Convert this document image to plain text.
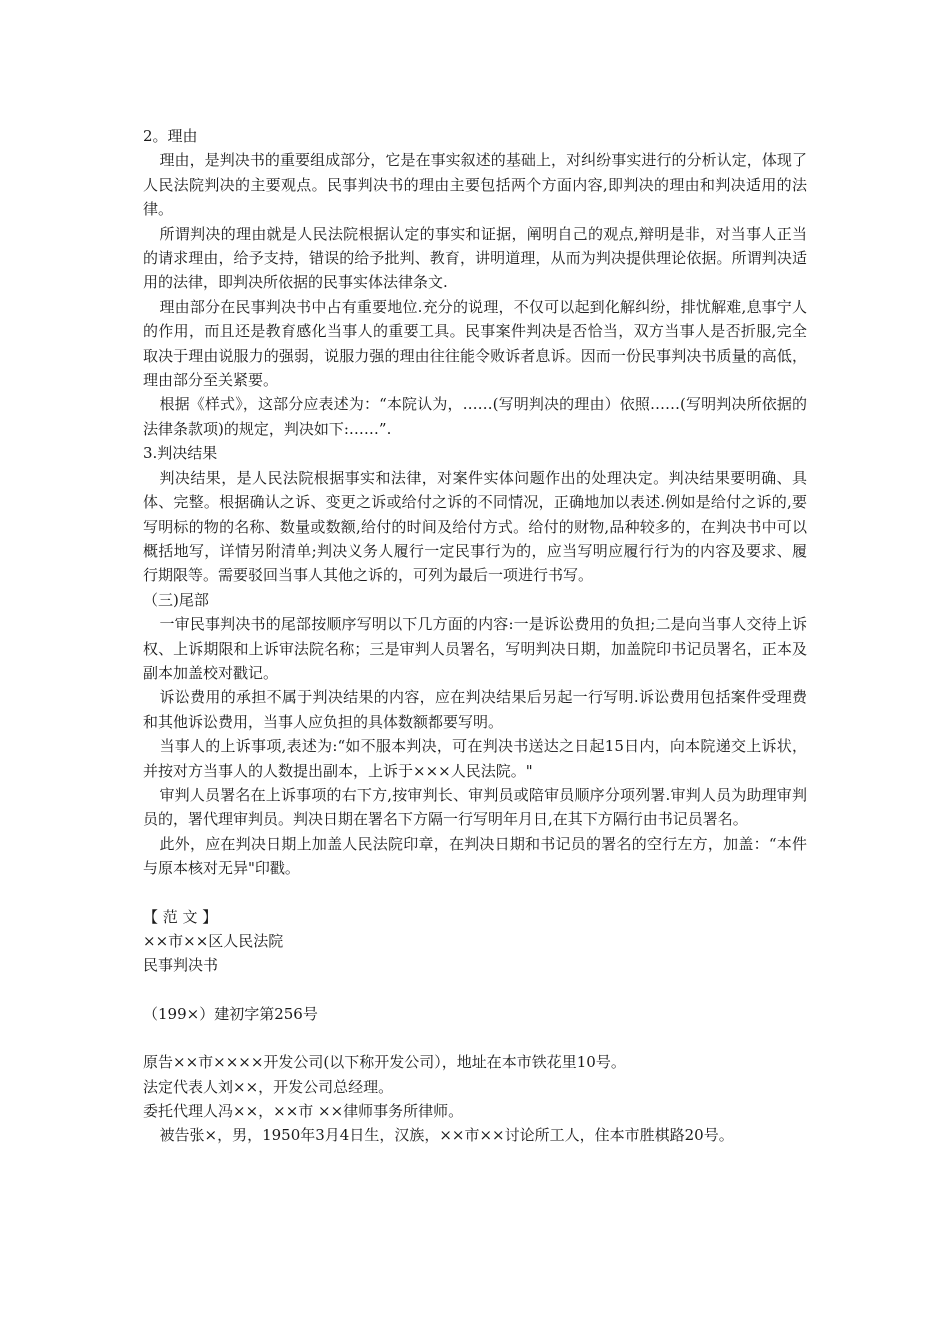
2。理由

理由，是判决书的重要组成部分，它是在事实叙述的基础上，对纠纷事实进行的分析认定，体现了人民法院判决的主要观点。民事判决书的理由主要包括两个方面内容,即判决的理由和判决适用的法律。

所谓判决的理由就是人民法院根据认定的事实和证据，阐明自己的观点,辩明是非，对当事人正当的请求理由，给予支持，错误的给予批判、教育，讲明道理，从而为判决提供理论依据。所谓判决适用的法律，即判决所依据的民事实体法律条文.

理由部分在民事判决书中占有重要地位.充分的说理，不仅可以起到化解纠纷，排忧解难,息事宁人的作用，而且还是教育感化当事人的重要工具。民事案件判决是否恰当，双方当事人是否折服,完全取决于理由说服力的强弱，说服力强的理由往往能令败诉者息诉。因而一份民事判决书质量的高低，理由部分至关紧要。

根据《样式》，这部分应表述为：“本院认为，……(写明判决的理由）依照……(写明判决所依据的法律条款项)的规定，判决如下:……”.

3.判决结果

判决结果，是人民法院根据事实和法律，对案件实体问题作出的处理决定。判决结果要明确、具体、完整。根据确认之诉、变更之诉或给付之诉的不同情况，正确地加以表述.例如是给付之诉的,要写明标的物的名称、数量或数额,给付的时间及给付方式。给付的财物,品种较多的，在判决书中可以概括地写，详情另附清单;判决义务人履行一定民事行为的，应当写明应履行行为的内容及要求、履行期限等。需要驳回当事人其他之诉的，可列为最后一项进行书写。

（三)尾部

一审民事判决书的尾部按顺序写明以下几方面的内容:一是诉讼费用的负担;二是向当事人交待上诉权、上诉期限和上诉审法院名称；三是审判人员署名，写明判决日期，加盖院印书记员署名，正本及副本加盖校对戳记。

诉讼费用的承担不属于判决结果的内容，应在判决结果后另起一行写明.诉讼费用包括案件受理费和其他诉讼费用，当事人应负担的具体数额都要写明。

当事人的上诉事项,表述为:“如不服本判决，可在判决书送达之日起15日内，向本院递交上诉状，并按对方当事人的人数提出副本，上诉于×××人民法院。"

审判人员署名在上诉事项的右下方,按审判长、审判员或陪审员顺序分项列署.审判人员为助理审判员的，署代理审判员。判决日期在署名下方隔一行写明年月日,在其下方隔行由书记员署名。

此外，应在判决日期上加盖人民法院印章，在判决日期和书记员的署名的空行左方，加盖：“本件与原本核对无异"印戳。

【 范 文 】

××市××区人民法院

民事判决书

（199×）建初字第256号

原告××市××××开发公司(以下称开发公司），地址在本市铁花里10号。

法定代表人刘××，开发公司总经理。

委托代理人冯××，××市 ××律师事务所律师。

被告张×，男，1950年3月4日生，汉族，××市××讨论所工人，住本市胜棋路20号。
